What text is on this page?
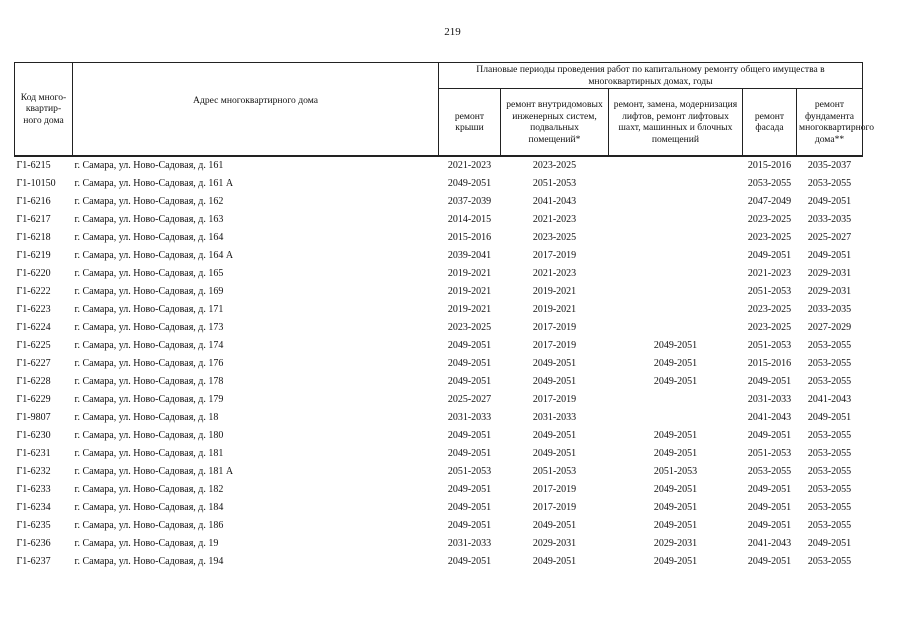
219
Код много-квартир-ного дома	Адрес многоквартирного дома	Плановые периоды проведения работ по капитальному ремонту общего имущества в многоквартирных домах, годы				
		ремонт крыши	ремонт внутридомовых инженерных систем, подвальных помещений*	ремонт, замена, модернизация лифтов, ремонт лифтовых шахт, машинных и блочных помещений	ремонт фасада	ремонт фундамента многоквартирного дома**
Г1-6215	г. Самара, ул. Ново-Садовая, д. 161	2021-2023	2023-2025		2015-2016	2035-2037
Г1-10150	г. Самара, ул. Ново-Садовая, д. 161 А	2049-2051	2051-2053		2053-2055	2053-2055
Г1-6216	г. Самара, ул. Ново-Садовая, д. 162	2037-2039	2041-2043		2047-2049	2049-2051
Г1-6217	г. Самара, ул. Ново-Садовая, д. 163	2014-2015	2021-2023		2023-2025	2033-2035
Г1-6218	г. Самара, ул. Ново-Садовая, д. 164	2015-2016	2023-2025		2023-2025	2025-2027
Г1-6219	г. Самара, ул. Ново-Садовая, д. 164 А	2039-2041	2017-2019		2049-2051	2049-2051
Г1-6220	г. Самара, ул. Ново-Садовая, д. 165	2019-2021	2021-2023		2021-2023	2029-2031
Г1-6222	г. Самара, ул. Ново-Садовая, д. 169	2019-2021	2019-2021		2051-2053	2029-2031
Г1-6223	г. Самара, ул. Ново-Садовая, д. 171	2019-2021	2019-2021		2023-2025	2033-2035
Г1-6224	г. Самара, ул. Ново-Садовая, д. 173	2023-2025	2017-2019		2023-2025	2027-2029
Г1-6225	г. Самара, ул. Ново-Садовая, д. 174	2049-2051	2017-2019	2049-2051	2051-2053	2053-2055
Г1-6227	г. Самара, ул. Ново-Садовая, д. 176	2049-2051	2049-2051	2049-2051	2015-2016	2053-2055
Г1-6228	г. Самара, ул. Ново-Садовая, д. 178	2049-2051	2049-2051	2049-2051	2049-2051	2053-2055
Г1-6229	г. Самара, ул. Ново-Садовая, д. 179	2025-2027	2017-2019		2031-2033	2041-2043
Г1-9807	г. Самара, ул. Ново-Садовая, д. 18	2031-2033	2031-2033		2041-2043	2049-2051
Г1-6230	г. Самара, ул. Ново-Садовая, д. 180	2049-2051	2049-2051	2049-2051	2049-2051	2053-2055
Г1-6231	г. Самара, ул. Ново-Садовая, д. 181	2049-2051	2049-2051	2049-2051	2051-2053	2053-2055
Г1-6232	г. Самара, ул. Ново-Садовая, д. 181 А	2051-2053	2051-2053	2051-2053	2053-2055	2053-2055
Г1-6233	г. Самара, ул. Ново-Садовая, д. 182	2049-2051	2017-2019	2049-2051	2049-2051	2053-2055
Г1-6234	г. Самара, ул. Ново-Садовая, д. 184	2049-2051	2017-2019	2049-2051	2049-2051	2053-2055
Г1-6235	г. Самара, ул. Ново-Садовая, д. 186	2049-2051	2049-2051	2049-2051	2049-2051	2053-2055
Г1-6236	г. Самара, ул. Ново-Садовая, д. 19	2031-2033	2029-2031	2029-2031	2041-2043	2049-2051
Г1-6237	г. Самара, ул. Ново-Садовая, д. 194	2049-2051	2049-2051	2049-2051	2049-2051	2053-2055
